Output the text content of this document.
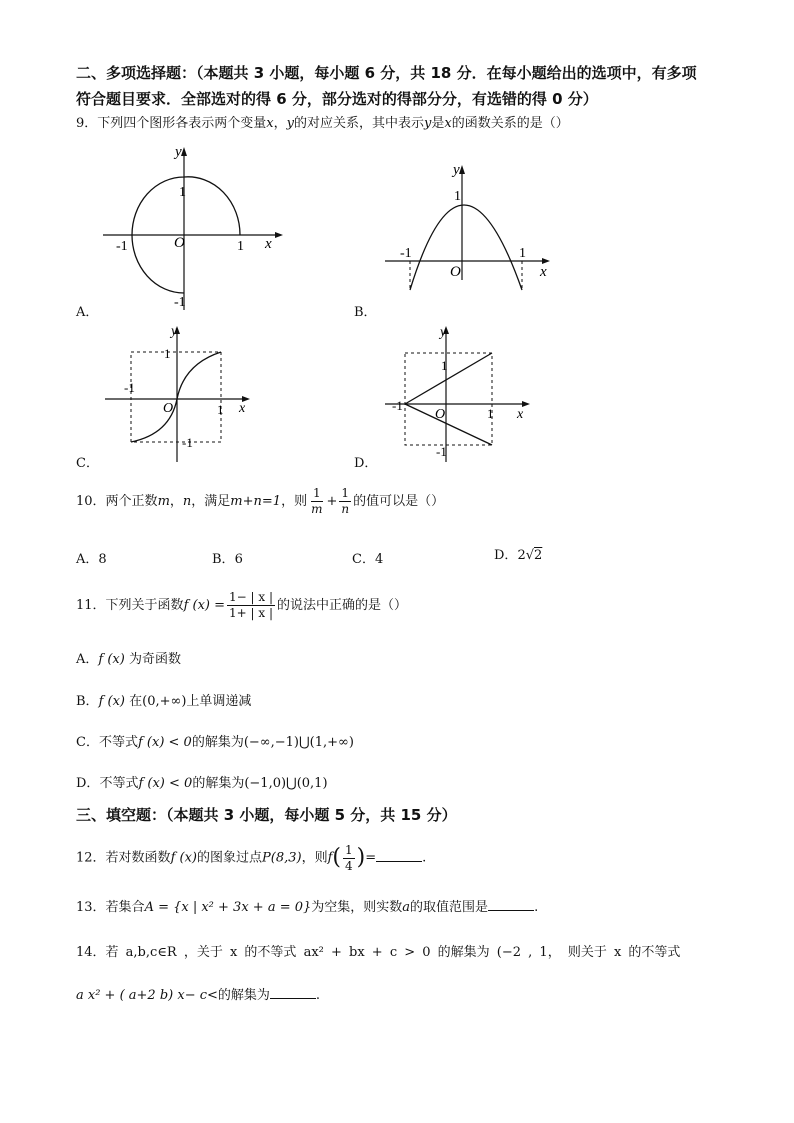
二、多项选择题：（本题共 3 小题，每小题 6 分，共 18 分．在每小题给出的选项中，有多项
符合题目要求．全部选对的得 6 分，部分选对的得部分分，有选错的得 0 分）
9．下列四个图形各表示两个变量x，y的对应关系，其中表示y是x的函数关系的是（）
y
1
-1	O	1 x
-1
A．
y
1
-1	1
O	x
B．
y
1
-1
O	1 x
-1
C．
y
1
-1
O	1 x
-1
D．
10．两个正数m，n，满足m+n=1，则 $\frac{1}{m} + \frac{1}{n}$ 的值可以是（）
A．8	B．6	C．4	D．2√2
11．下列关于函数f $(x) = \frac{1- | x |}{1+ | x |}$ 的说法中正确的是（）
A．f (x) 为奇函数
B．f (x) 在(0,+∞)上单调递减
C．不等式f (x) < 0的解集为(−∞,−1)⋃(1,+∞)
D．不等式f (x) < 0的解集为(−1,0)⋃(0,1)
三、填空题：（本题共 3 小题，每小题 5 分，共 15 分）
12．若对数函数f (x)的图象过点P(8,3)，则$f( \frac{1}{4}$ )=	.
13．若集合A = {x | x² + 3x + a = 0}为空集，则实数a的取值范围是	.
14．若 a,b,c∈R ，关于 x 的不等式 ax² + bx + c > 0 的解集为 (−2 , 1， 则关于 x 的不等式
a x² + ( a+2 b) x− c<的解集为	.
